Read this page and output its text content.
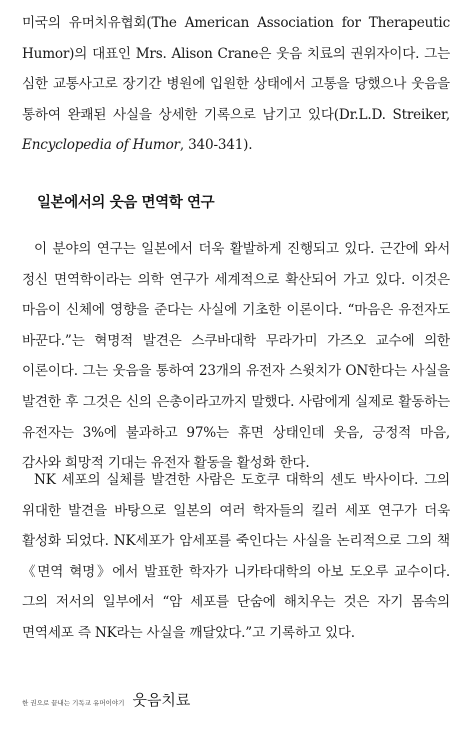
미국의 유머치유협회(The American Association for Therapeutic Humor)의 대표인 Mrs. Alison Crane은 웃음 치료의 권위자이다. 그는 심한 교통사고로 장기간 병원에 입원한 상태에서 고통을 당했으나 웃음을 통하여 완쾌된 사실을 상세한 기록으로 남기고 있다(Dr.L.D. Streiker, Encyclopedia of Humor, 340-341).

일본에서의 웃음 면역학 연구

이 분야의 연구는 일본에서 더욱 활발하게 진행되고 있다. 근간에 와서 정신 면역학이라는 의학 연구가 세계적으로 확산되어 가고 있다. 이것은 마음이 신체에 영향을 준다는 사실에 기초한 이론이다. “마음은 유전자도 바꾼다.”는 혁명적 발견은 스쿠바대학 무라가미 가즈오 교수에 의한 이론이다. 그는 웃음을 통하여 23개의 유전자 스윗치가 ON한다는 사실을 발견한 후 그것은 신의 은총이라고까지 말했다. 사람에게 실제로 활동하는 유전자는 3%에 불과하고 97%는 휴면 상태인데 웃음, 긍정적 마음, 감사와 희망적 기대는 유전자 활동을 활성화 한다.

NK 세포의 실체를 발견한 사람은 도호쿠 대학의 센도 박사이다. 그의 위대한 발견을 바탕으로 일본의 여러 학자들의 킬러 세포 연구가 더욱 활성화 되었다. NK세포가 암세포를 죽인다는 사실을 논리적으로 그의 책《면역 혁명》에서 발표한 학자가 니카타대학의 아보 도오루 교수이다. 그의 저서의 일부에서 “암 세포를 단숨에 해치우는 것은 자기 몸속의 면역세포 즉 NK라는 사실을 깨달았다.”고 기록하고 있다.

한 권으로 끝내는 기독교 유머이야기 웃음치료
